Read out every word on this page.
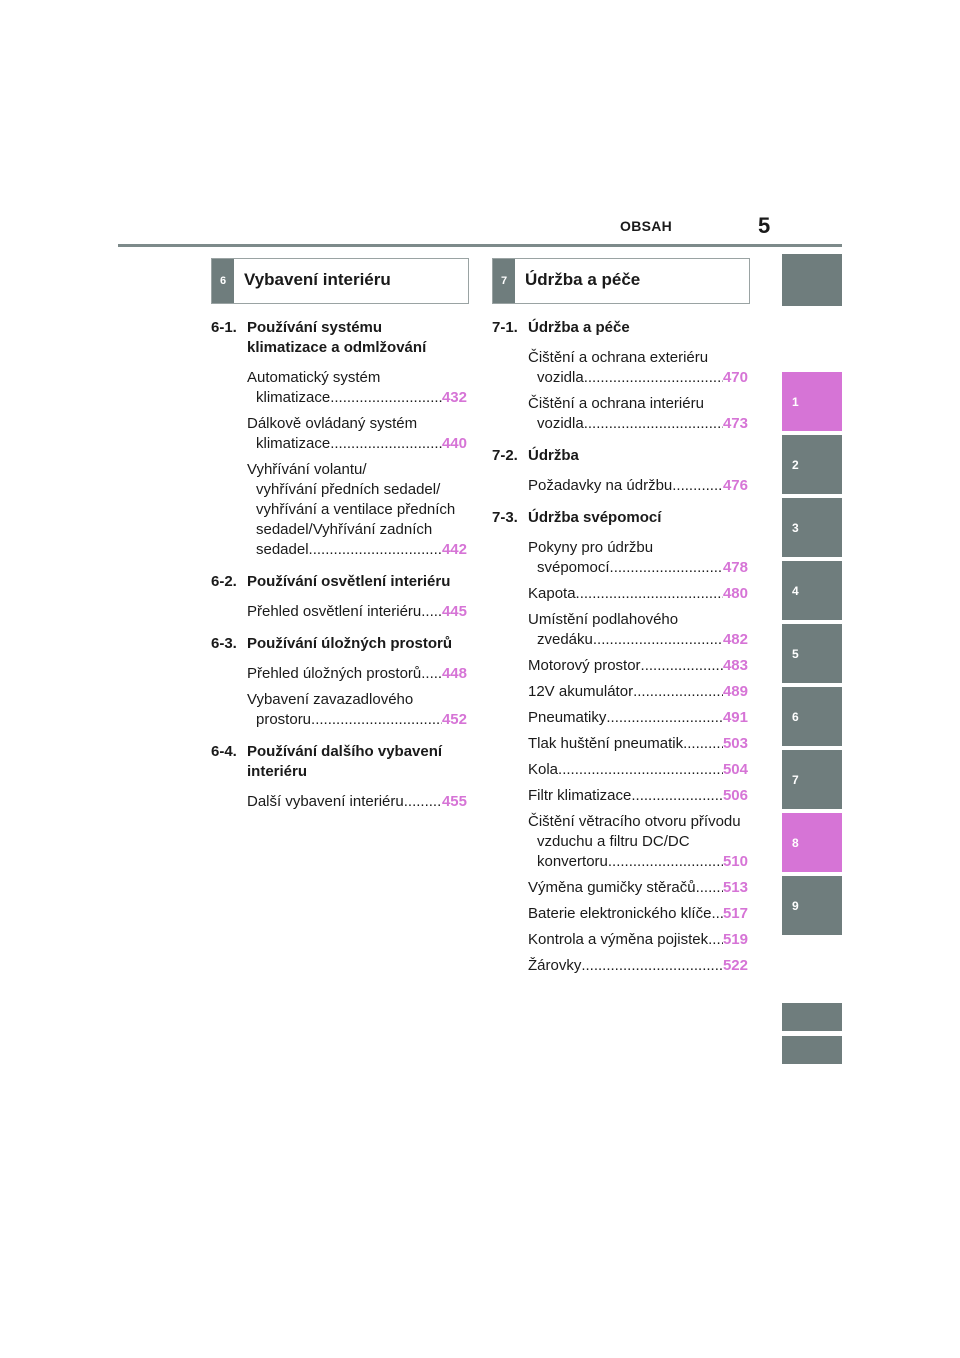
OBSAH	5
1
2
3
4
5
6
7
8
9
6	Vybavení interiéru	7	Údržba a péče
6-1. Používání systému
klimatizace a odmlžování
Automatický systém
klimatizace .....	432
Dálkově ovládaný systém
klimatizace .....	440
Vyhřívání volantu/
vyhřívání předních sedadel/
vyhřívání a ventilace předních
sedadel/Vyhřívání zadních
sedadel .....	442
6-2. Používání osvětlení interiéru
Přehled osvětlení interiéru ..... 445
6-3. Používání úložných prostorů
Přehled úložných prostorů ..... 448
Vybavení zavazadlového
prostoru .....	452
6-4. Používání dalšího vybavení
interiéru
Další vybavení interiéru .....	455
7-1. Údržba a péče
Čištění a ochrana exteriéru
vozidla .....	470
Čištění a ochrana interiéru
vozidla .....	473
7-2. Údržba
Požadavky na údržbu .....	476
7-3. Údržba svépomocí
Pokyny pro údržbu
svépomocí .....	478
Kapota .....	480
Umístění podlahového
zvedáku .....	482
Motorový prostor .....	483
12V akumulátor .....	489
Pneumatiky .....	491
Tlak huštění pneumatik .....	503
Kola .....	504
Filtr klimatizace .....	506
Čištění větracího otvoru přívodu
vzduchu a filtru DC/DC
konvertoru .....	510
Výměna gumičky stěračů ..... 513
Baterie elektronického klíče ..... 517
Kontrola a výměna pojistek ..... 519
Žárovky .....	522
